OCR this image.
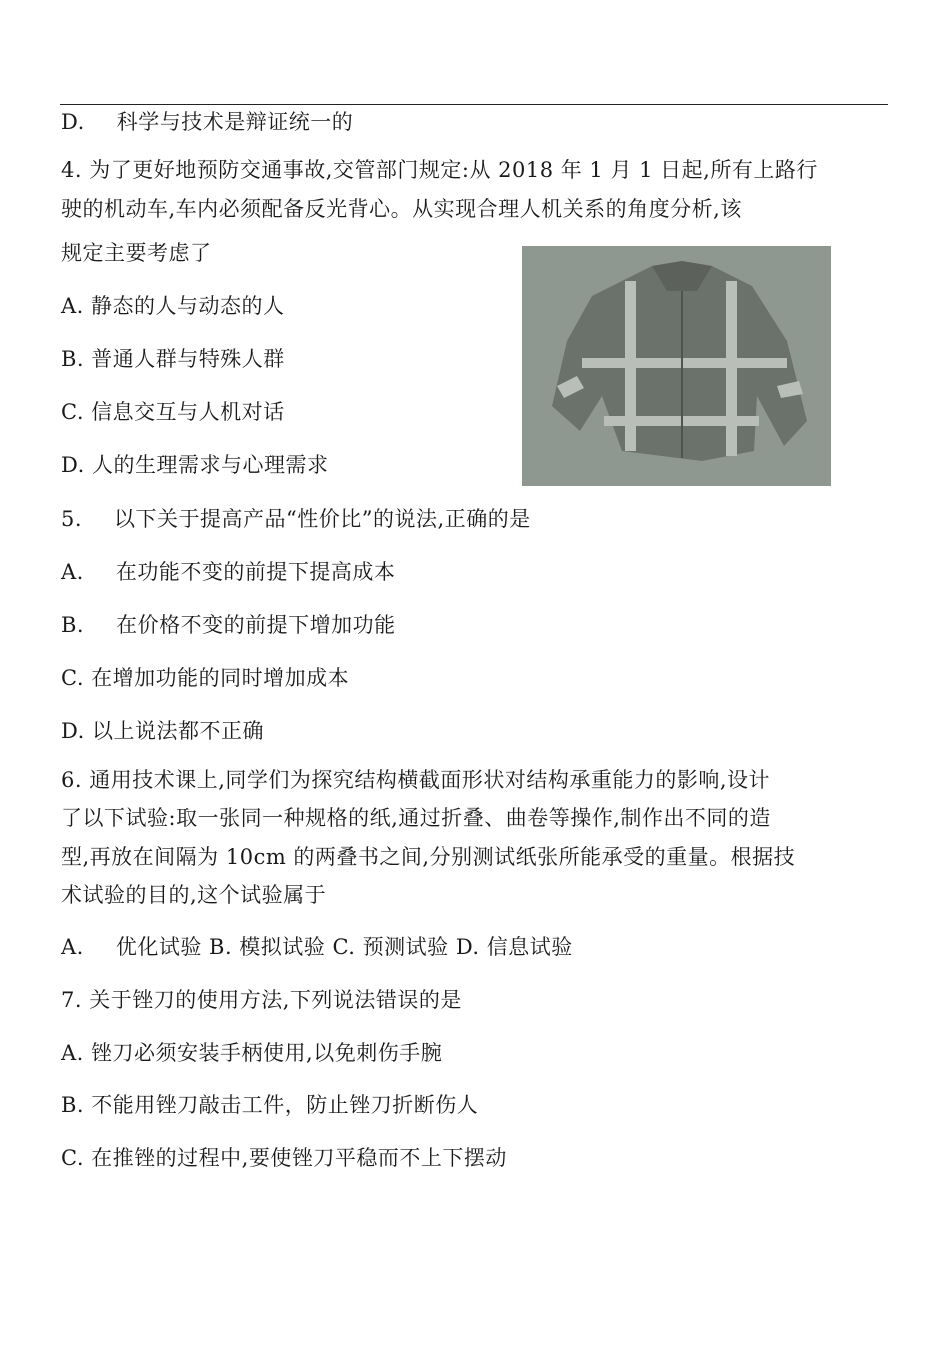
D. 科学与技术是辩证统一的
4. 为了更好地预防交通事故,交管部门规定:从 2018 年 1 月 1 日起,所有上路行
驶的机动车,车内必须配备反光背心。从实现合理人机关系的角度分析,该
规定主要考虑了
A. 静态的人与动态的人
B. 普通人群与特殊人群
C. 信息交互与人机对话
D. 人的生理需求与心理需求
5. 以下关于提高产品“性价比”的说法,正确的是
A. 在功能不变的前提下提高成本
B. 在价格不变的前提下增加功能
C. 在增加功能的同时增加成本
D. 以上说法都不正确
6. 通用技术课上,同学们为探究结构横截面形状对结构承重能力的影响,设计
了以下试验:取一张同一种规格的纸,通过折叠、曲卷等操作,制作出不同的造
型,再放在间隔为 10cm 的两叠书之间,分别测试纸张所能承受的重量。根据技
术试验的目的,这个试验属于
A. 优化试验 B. 模拟试验 C. 预测试验 D. 信息试验
7. 关于锉刀的使用方法,下列说法错误的是
A. 锉刀必须安装手柄使用,以免刺伤手腕
B. 不能用锉刀敲击工件，防止锉刀折断伤人
C. 在推锉的过程中,要使锉刀平稳而不上下摆动
